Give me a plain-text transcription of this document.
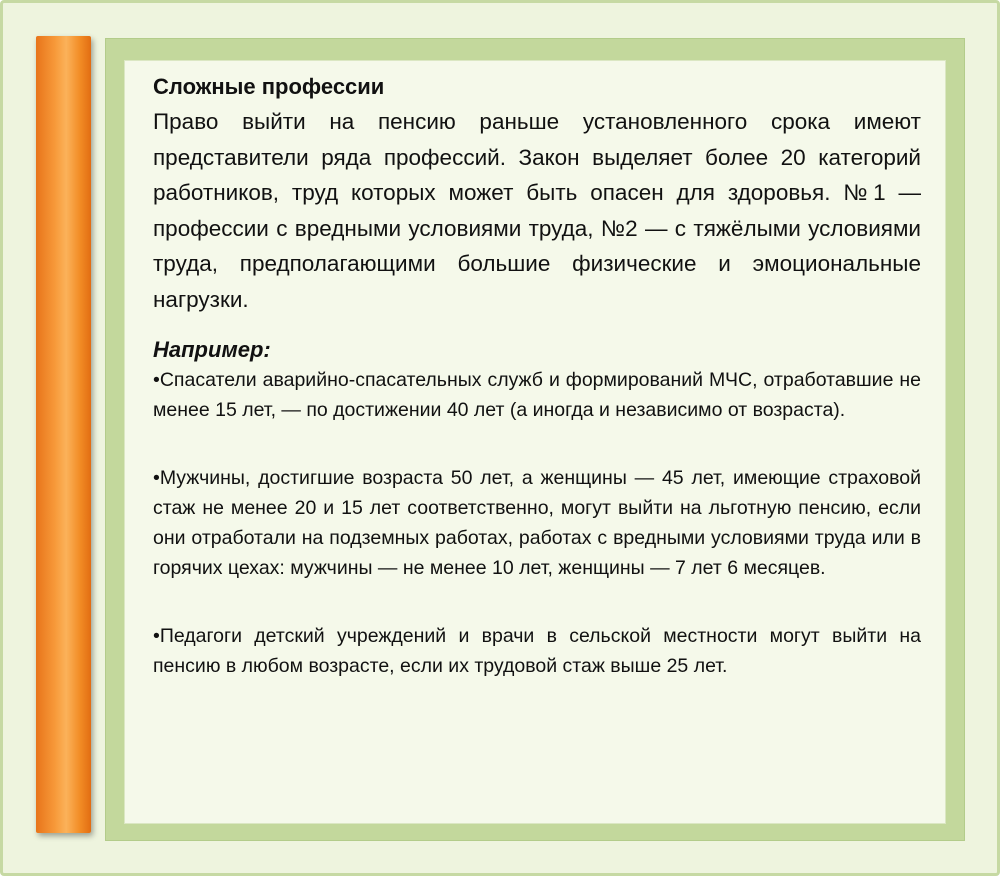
Сложные профессии

Право выйти на пенсию раньше установленного срока имеют представители ряда профессий. Закон выделяет более 20 категорий работников, труд которых может быть опасен для здоровья. №1 — профессии с вредными условиями труда, №2 — с тяжёлыми условиями труда, предполагающими большие физические и эмоциональные нагрузки.

Например:
•Спасатели аварийно-спасательных служб и формирований МЧС, отработавшие не менее 15 лет, — по достижении 40 лет (а иногда и независимо от возраста).
•Мужчины, достигшие возраста 50 лет, а женщины — 45 лет, имеющие страховой стаж не менее 20 и 15 лет соответственно, могут выйти на льготную пенсию, если они отработали на подземных работах, работах с вредными условиями труда или в горячих цехах: мужчины — не менее 10 лет, женщины — 7 лет 6 месяцев.
•Педагоги детский учреждений и врачи в сельской местности могут выйти на пенсию в любом возрасте, если их трудовой стаж выше 25 лет.
